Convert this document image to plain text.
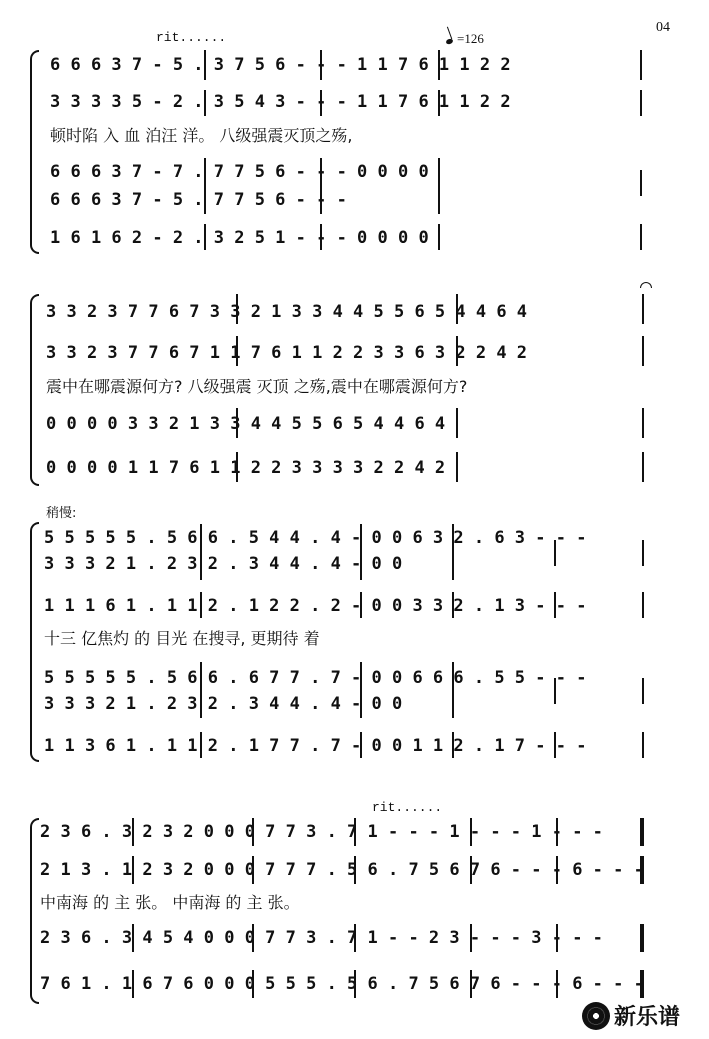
04
rit......	=126
6 6 6 3 7 - 5 . 3 7 5 6 - - - 1 1 7 6 1 1 2 2
3 3 3 3 5 - 2 . 3 5 4 3 - - - 1 1 7 6 1 1 2 2
顿时陷 入 血 泊汪 洋。 八级强震灭顶之殇,
6 6 6 3 7 - 7 . 7 7 5 6 - - - 0 0 0 0
6 6 6 3 7 - 5 . 7 7 5 6 - - -
1 6 1 6 2 - 2 . 3 2 5 1 - - - 0 0 0 0
3 3 2 3 7 7 6 7 3 3 2 1 3 3 4 4 5 5 6 5 4 4 6 4
3 3 2 3 7 7 6 7 1 1 7 6 1 1 2 2 3 3 6 3 2 2 4 2
震中在哪震源何方? 八级强震 灭顶 之殇,震中在哪震源何方?
0 0 0 0 3 3 2 1 3 3 4 4 5 5 6 5 4 4 6 4
0 0 0 0 1 1 7 6 1 1 2 2 3 3 3 3 2 2 4 2
稍慢:
5 5 5 5 5 . 5 6 6 . 5 4 4 . 4 - 0 0 6 3 2 . 6 3 - - -
3 3 3 2 1 . 2 3 2 . 3 4 4 . 4 - 0 0
1 1 1 6 1 . 1 1 2 . 1 2 2 . 2 - 0 0 3 3 2 . 1 3 - - -
十三 亿焦灼 的 目光 在搜寻, 更期待 着
5 5 5 5 5 . 5 6 6 . 6 7 7 . 7 - 0 0 6 6 6 . 5 5 - - -
3 3 3 2 1 . 2 3 2 . 3 4 4 . 4 - 0 0
1 1 3 6 1 . 1 1 2 . 1 7 7 . 7 - 0 0 1 1 2 . 1 7 - - -
rit......
2 3 6 . 3 2 3 2 0 0 0 7 7 3 . 7 1 - - - 1 - - - 1 - - -
2 1 3 . 1 2 3 2 0 0 0 7 7 7 . 5 6 . 7 5 6 7 6 - - - 6 - - -
中南海 的 主 张。 中南海 的 主 张。
2 3 6 . 3 4 5 4 0 0 0 7 7 3 . 7 1 - - 2 3 - - - 3 - - -
7 6 1 . 1 6 7 6 0 0 0 5 5 5 . 5 6 . 7 5 6 7 6 - - - 6 - - -
新乐谱
